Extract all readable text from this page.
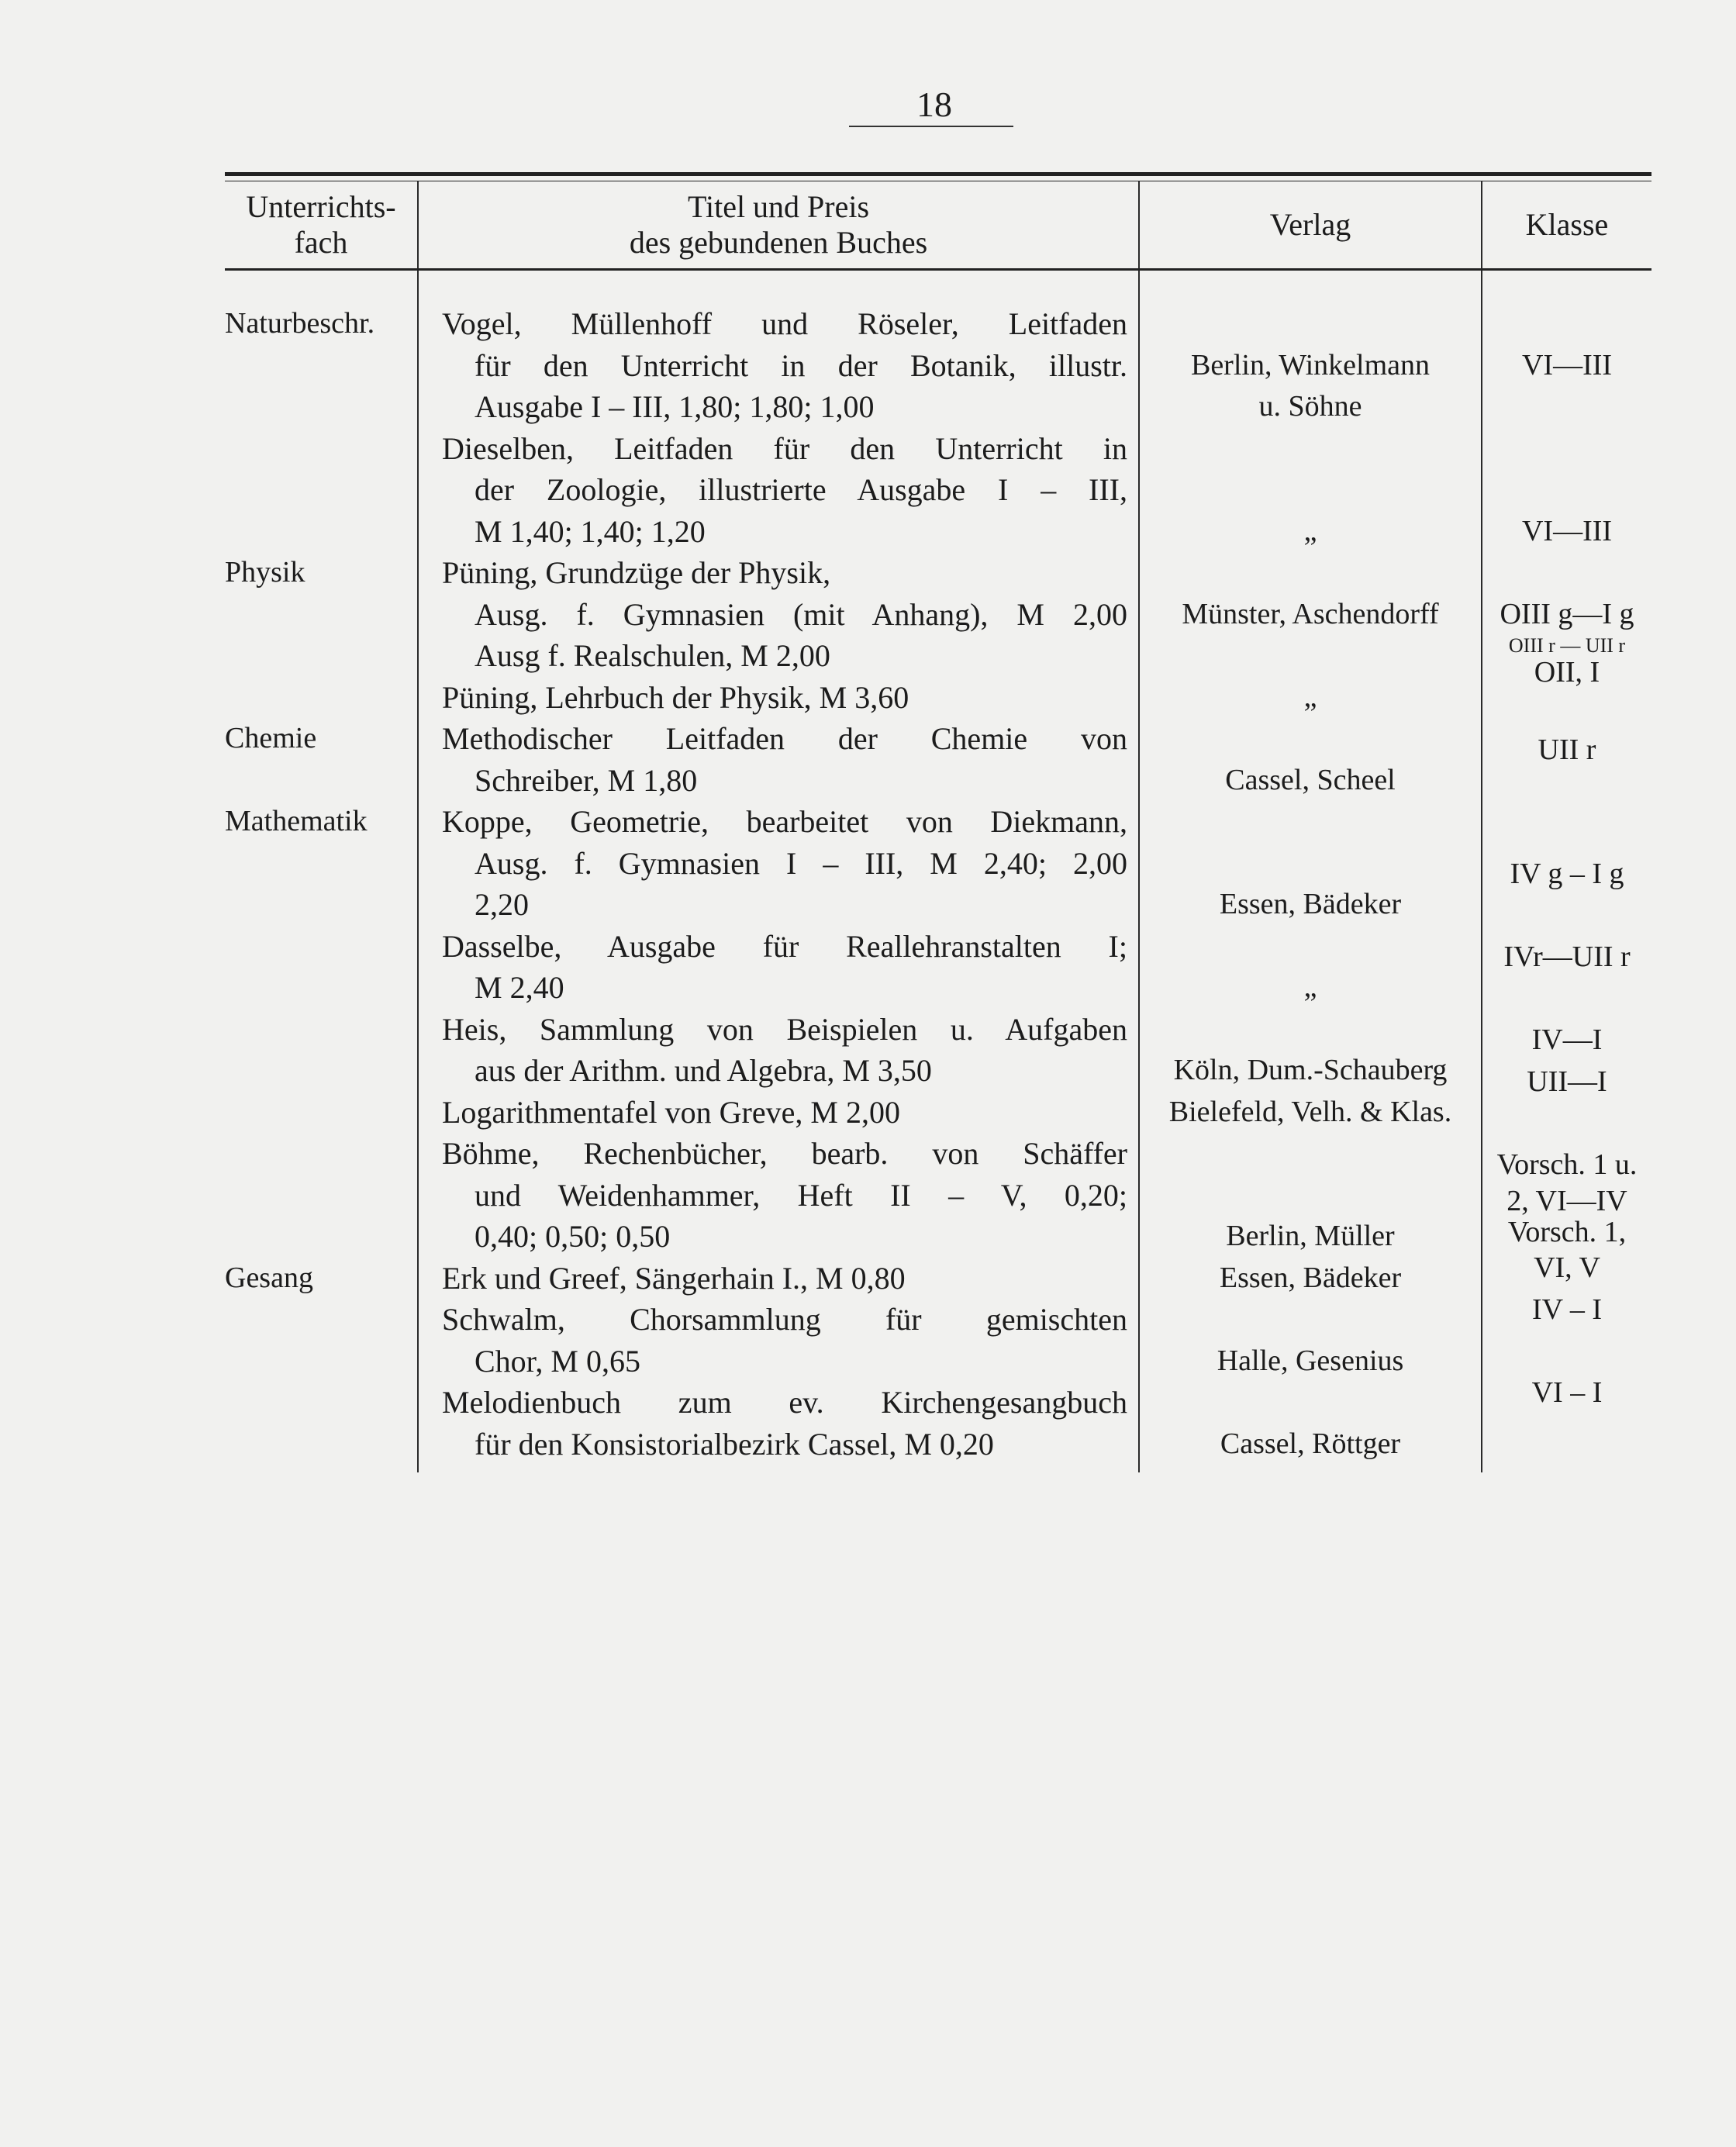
18
Unterrichts-
fach
Titel und Preis
des gebundenen Buches
Verlag	Klasse
Naturbeschr.
Physik
Chemie
Mathematik
Gesang
Vogel, Müllenhoff und Röseler, Leitfaden
für den Unterricht in der Botanik, illustr.
Ausgabe I – III, 1,80; 1,80; 1,00
Dieselben, Leitfaden für den Unterricht in
der Zoologie, illustrierte Ausgabe I – III,
M 1,40; 1,40; 1,20
Püning, Grundzüge der Physik,
Ausg. f. Gymnasien (mit Anhang), M 2,00
Ausg f. Realschulen, M 2,00
Püning, Lehrbuch der Physik, M 3,60
Methodischer Leitfaden der Chemie von
Schreiber, M 1,80
Koppe, Geometrie, bearbeitet von Diekmann,
Ausg. f. Gymnasien I – III, M 2,40; 2,00
2,20
Dasselbe, Ausgabe für Reallehranstalten I;
M 2,40
Heis, Sammlung von Beispielen u. Aufgaben
aus der Arithm. und Algebra, M 3,50
Logarithmentafel von Greve, M 2,00
Böhme, Rechenbücher, bearb. von Schäffer
und Weidenhammer, Heft II – V, 0,20;
0,40; 0,50; 0,50
Erk und Greef, Sängerhain I., M 0,80
Schwalm, Chorsammlung für gemischten
Chor, M 0,65
Melodienbuch zum ev. Kirchengesangbuch
für den Konsistorialbezirk Cassel, M 0,20
Berlin, Winkelmann
u. Söhne
„
Münster, Aschendorff
„
Cassel, Scheel
Essen, Bädeker
„
Köln, Dum.-Schauberg
Bielefeld, Velh. & Klas.
Berlin, Müller
Essen, Bädeker
Halle, Gesenius
Cassel, Röttger
VI—III
VI—III
OIII g—I g
OIII r — UII r
OII, I
UII r
IV g – I g
IVr—UII r
IV—I
UII—I
Vorsch. 1 u.
2, VI—IV
Vorsch. 1,
VI, V
IV – I
VI – I
